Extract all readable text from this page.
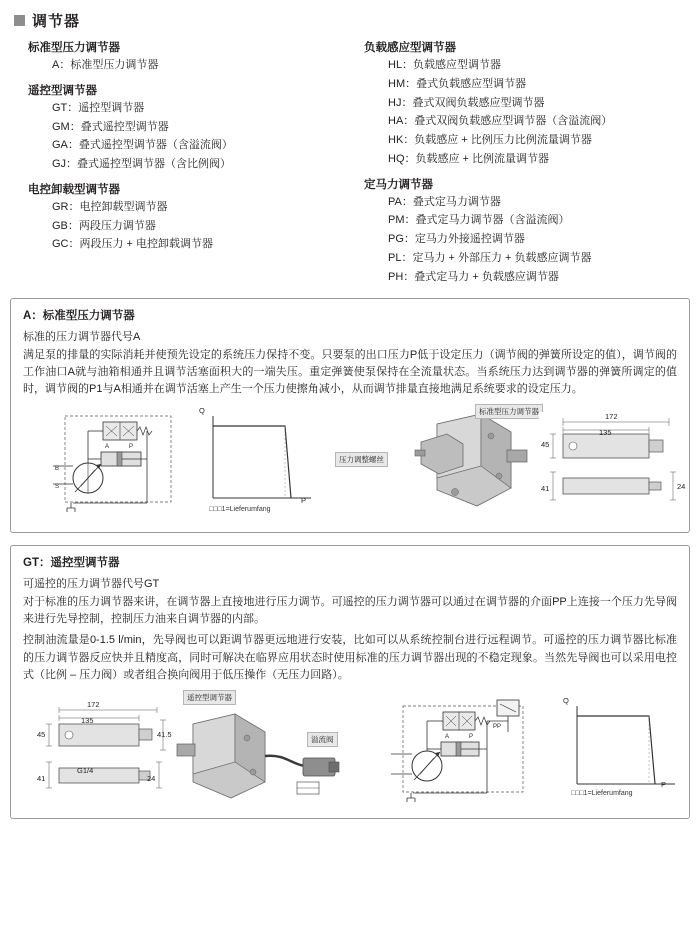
调节器
标准型压力调节器
A：标准型压力调节器
遥控型调节器
GT：遥控型调节器
GM：叠式遥控型调节器
GA：叠式遥控型调节器（含溢流阀）
GJ：叠式遥控型调节器（含比例阀）
电控卸载型调节器
GR：电控卸载型调节器
GB：两段压力调节器
GC：两段压力 + 电控卸载调节器
负载感应型调节器
HL：负载感应型调节器
HM：叠式负载感应型调节器
HJ：叠式双阀负载感应型调节器
HA：叠式双阀负载感应型调节器（含溢流阀）
HK：负载感应 + 比例压力比例流量调节器
HQ：负载感应 + 比例流量调节器
定马力调节器
PA：叠式定马力调节器
PM：叠式定马力调节器（含溢流阀）
PG：定马力外接遥控调节器
PL：定马力 + 外部压力 + 负载感应调节器
PH：叠式定马力 + 负载感应调节器
A：标准型压力调节器
标准的压力调节器代号A

满足泵的排量的实际消耗并使预先设定的系统压力保持不变。只要泵的出口压力P低于设定压力（调节阀的弹簧所设定的值），调节阀的工作油口A就与油箱相通并且调节活塞面积大的一端失压。重定弹簧使泵保持在全流量状态。当系统压力达到调节器的弹簧所调定的值时，调节阀的P1与A相通并在调节活塞上产生一个压力使擦角减小，从而调节排量直接地满足系统要求的设定压力。

A	P
B
S
Q
P
□□□1=Lieferumfang
压力调整螺丝
标准型压力调节器
172
135
45
41	24
GT：遥控型调节器
可遥控的压力调节器代号GT

对于标准的压力调节器来讲，在调节器上直接地进行压力调节。可遥控的压力调节器可以通过在调节器的介面PP上连接一个压力先导阀来进行先导控制，控制压力油来自调节器的内部。

控制油流量是0-1.5 l/min，先导阀也可以距调节器更远地进行安装，比如可以从系统控制台进行远程调节。可遥控的压力调节器比标准的压力调节器反应快并且精度高，同时可解决在临界应用状态时使用标准的压力调节器出现的不稳定现象。当然先导阀也可以采用电控式（比例 – 压力阀）或者组合换向阀用于低压操作（无压力回路）。

172
135
45	41.5
41	24
G1/4
遥控型调节器
溢流阀	A	P
PP
Q
P
□□□1=Lieferumfang
